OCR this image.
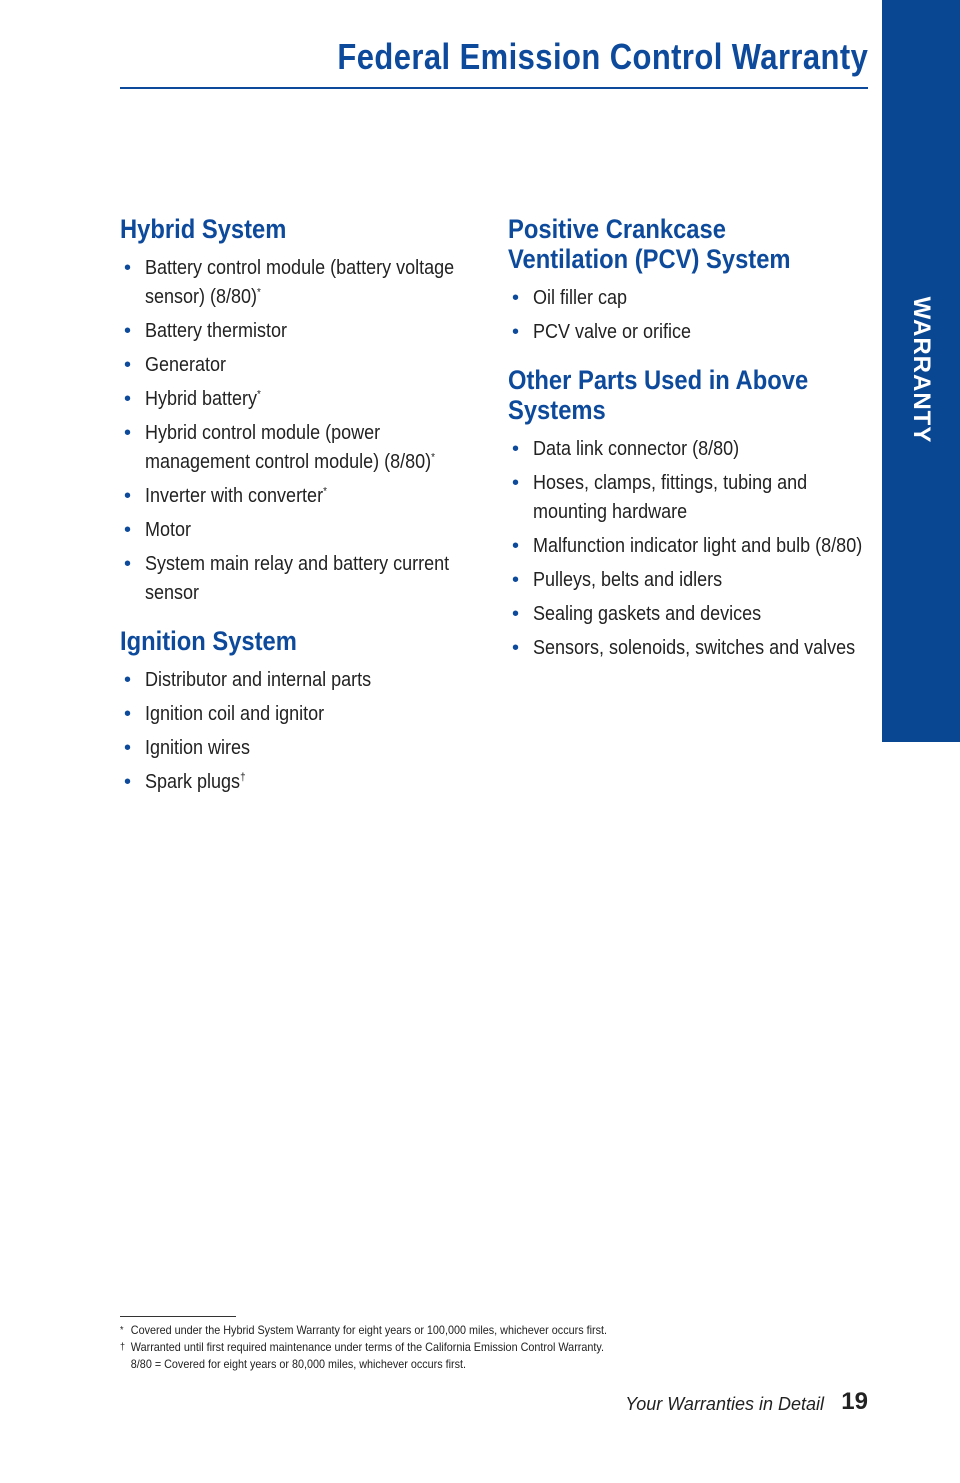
Federal Emission Control Warranty
WARRANTY
Hybrid System
• Battery control module (battery voltage sensor) (8/80)*
• Battery thermistor
• Generator
• Hybrid battery*
• Hybrid control module (power management control module) (8/80)*
• Inverter with converter*
• Motor
• System main relay and battery current sensor
Ignition System
• Distributor and internal parts
• Ignition coil and ignitor
• Ignition wires
• Spark plugs†
Positive Crankcase Ventilation (PCV) System
• Oil filler cap
• PCV valve or orifice
Other Parts Used in Above Systems
• Data link connector (8/80)
• Hoses, clamps, fittings, tubing and mounting hardware
• Malfunction indicator light and bulb (8/80)
• Pulleys, belts and idlers
• Sealing gaskets and devices
• Sensors, solenoids, switches and valves
* Covered under the Hybrid System Warranty for eight years or 100,000 miles, whichever occurs first.
† Warranted until first required maintenance under terms of the California Emission Control Warranty.
8/80 = Covered for eight years or 80,000 miles, whichever occurs first.
Your Warranties in Detail 19
